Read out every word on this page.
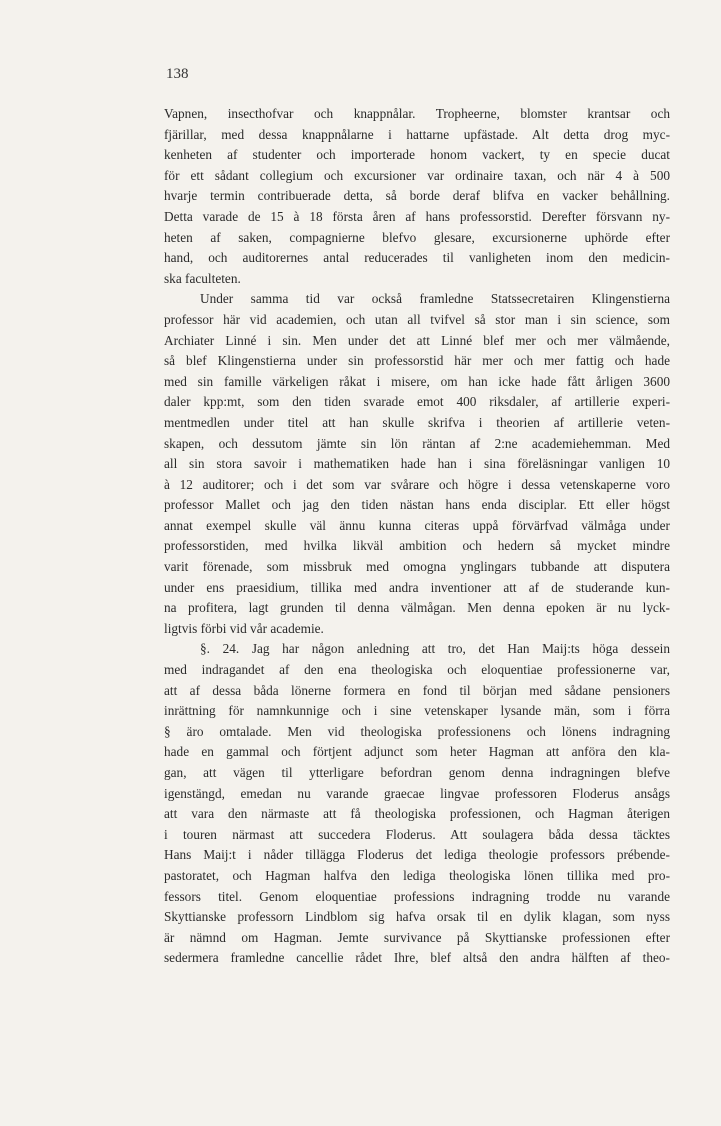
138
Vapnen, insecthofvar och knappnålar. Tropheerne, blomster krantsar och
fjärillar, med dessa knappnålarne i hattarne upfästade. Alt detta drog myc-
kenheten af studenter och importerade honom vackert, ty en specie ducat
för ett sådant collegium och excursioner var ordinaire taxan, och när 4 à 500
hvarje termin contribuerade detta, så borde deraf blifva en vacker behållning.
Detta varade de 15 à 18 första åren af hans professorstid. Derefter försvann ny-
heten af saken, compagnierne blefvo glesare, excursionerne uphörde efter
hand, och auditorernes antal reducerades til vanligheten inom den medicin-
ska faculteten.
Under samma tid var också framledne Statssecretairen Klingenstierna
professor här vid academien, och utan all tvifvel så stor man i sin science, som
Archiater Linné i sin. Men under det att Linné blef mer och mer välmående,
så blef Klingenstierna under sin professorstid här mer och mer fattig och hade
med sin famille värkeligen råkat i misere, om han icke hade fått årligen 3600
daler kpp:mt, som den tiden svarade emot 400 riksdaler, af artillerie experi-
mentmedlen under titel att han skulle skrifva i theorien af artillerie veten-
skapen, och dessutom jämte sin lön räntan af 2:ne academiehemman. Med
all sin stora savoir i mathematiken hade han i sina föreläsningar vanligen 10
à 12 auditorer; och i det som var svårare och högre i dessa vetenskaperne voro
professor Mallet och jag den tiden nästan hans enda disciplar. Ett eller högst
annat exempel skulle väl ännu kunna citeras uppå förvärfvad välmåga under
professorstiden, med hvilka likväl ambition och hedern så mycket mindre
varit förenade, som missbruk med omogna ynglingars tubbande att disputera
under ens praesidium, tillika med andra inventioner att af de studerande kun-
na profitera, lagt grunden til denna välmågan. Men denna epoken är nu lyck-
ligtvis förbi vid vår academie.
§. 24. Jag har någon anledning att tro, det Han Maij:ts höga dessein
med indragandet af den ena theologiska och eloquentiae professionerne var,
att af dessa båda lönerne formera en fond til början med sådane pensioners
inrättning för namnkunnige och i sine vetenskaper lysande män, som i förra
§ äro omtalade. Men vid theologiska professionens och lönens indragning
hade en gammal och förtjent adjunct som heter Hagman att anföra den kla-
gan, att vägen til ytterligare befordran genom denna indragningen blefve
igenstängd, emedan nu varande graecae lingvae professoren Floderus ansågs
att vara den närmaste att få theologiska professionen, och Hagman återigen
i touren närmast att succedera Floderus. Att soulagera båda dessa täcktes
Hans Maij:t i nåder tillägga Floderus det lediga theologie professors prébende-
pastoratet, och Hagman halfva den lediga theologiska lönen tillika med pro-
fessors titel. Genom eloquentiae professions indragning trodde nu varande
Skyttianske professorn Lindblom sig hafva orsak til en dylik klagan, som nyss
är nämnd om Hagman. Jemte survivance på Skyttianske professionen efter
sedermera framledne cancellie rådet Ihre, blef altså den andra hälften af theo-
